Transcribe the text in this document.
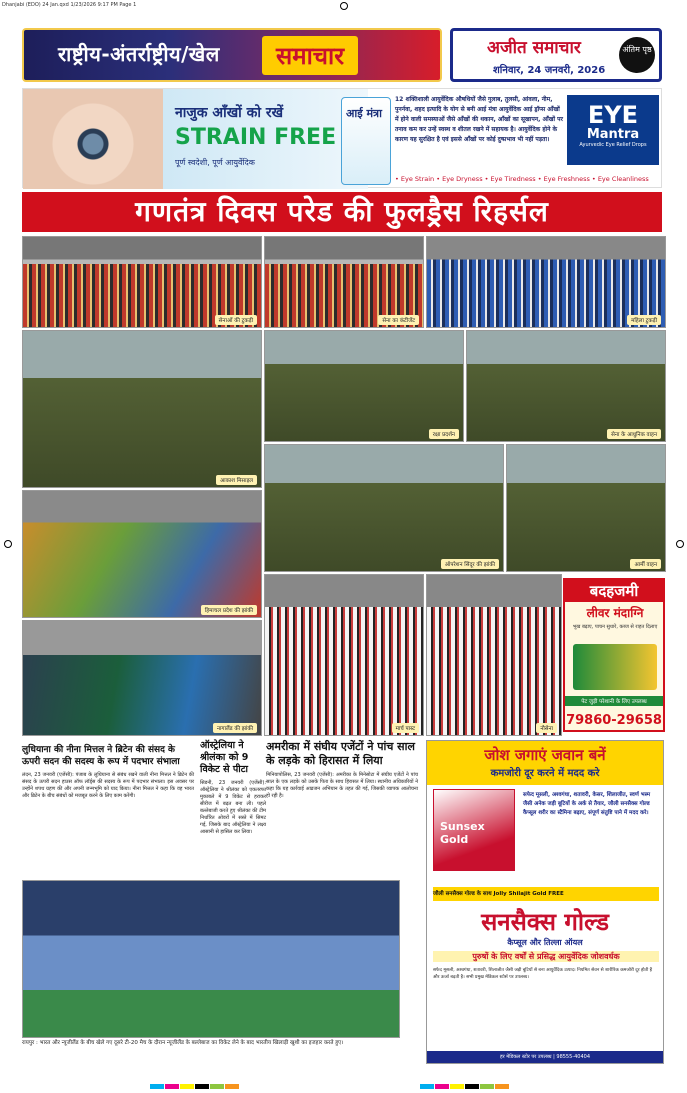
Dhanjabi (EDO) 24 Jan.qxd 1/23/2026 9:17 PM Page 1
राष्ट्रीय-अंतर्राष्ट्रीय/खेल	समाचार	अजीत समाचार
शनिवार, 24 जनवरी, 2026
अंतिम पृष्ठ
नाजुक आँखों को रखें
STRAIN FREE
पूर्ण स्वदेशी, पूर्ण आयुर्वेदिक
आई मंत्रा
12 शक्तिशाली आयुर्वेदिक औषधियों जैसे गुलाब, तुलसी, आंवला, नीम, पुनर्नवा, शहद इत्यादि के योग से बनी आई मंत्रा आयुर्वेदिक आई ड्रॉप्स आँखों में होने वाली समस्याओं जैसे आँखों की थकान, आँखों का सूखापन, आँखों पर तनाव कम कर उन्हें स्वस्थ व शीतल रखने में सहायक है। आयुर्वेदिक होने के कारण यह सुरक्षित है एवं इससे आँखों पर कोई दुष्प्रभाव भी नहीं पड़ता।
EYE
Mantra
Ayurvedic Eye Relief Drops
• Eye Strain • Eye Dryness • Eye Tiredness • Eye Freshness • Eye Cleanliness
गणतंत्र दिवस परेड की फुलड्रैस रिहर्सल
सेनाओं की टुकड़ी	सेना का कंटीजेंट	महिला टुकड़ी
आकाश मिसाइल
रक्षा प्रदर्शन	सेना के आधुनिक वाहन
हिमाचल प्रदेश की झांकी
ऑपरेशन सिंदूर की झांकी	आर्मी वाहन
नागालैंड की झांकी	मार्च पास्ट	नौसेना
बदहजमी
लीवर मंदाग्नि
भूख बढ़ाए, पाचन सुधारे, कब्ज से राहत दिलाए
पेट जुड़ी परेशानी के लिए उपलब्ध
79860-29658
लुधियाना की नीना मित्तल ने ब्रिटेन की संसद के ऊपरी सदन की सदस्य के रूप में पदभार संभाला
लंदन, 23 जनवरी (एजेंसी): पंजाब के लुधियाना से संबंध रखने वाली नीना मित्तल ने ब्रिटेन की संसद के ऊपरी सदन हाउस ऑफ लॉर्ड्स की सदस्य के रूप में पदभार संभाला। इस अवसर पर उन्होंने शपथ ग्रहण की और अपनी जन्मभूमि को याद किया। नीना मित्तल ने कहा कि वह भारत और ब्रिटेन के बीच संबंधों को मजबूत करने के लिए काम करेंगी।
ऑस्ट्रेलिया ने श्रीलंका को 9 विकेट से पीटा
सिडनी, 23 जनवरी (एजेंसी): ऑस्ट्रेलिया ने श्रीलंका को एकतरफा मुकाबले में 9 विकेट से हराकर सीरीज में बढ़त बना ली। पहले बल्लेबाजी करते हुए श्रीलंका की टीम निर्धारित ओवरों में सस्ते में सिमट गई, जिसके बाद ऑस्ट्रेलिया ने लक्ष्य आसानी से हासिल कर लिया।
अमरीका में संघीय एजेंटों ने पांच साल के लड़के को हिरासत में लिया
मिनियापोलिस, 23 जनवरी (एजेंसी): अमरीका के मिनेसोटा में संघीय एजेंटों ने पांच साल के एक लड़के को उसके पिता के साथ हिरासत में लिया। स्थानीय अधिकारियों ने कहा कि यह कार्रवाई आव्रजन अभियान के तहत की गई, जिसकी व्यापक आलोचना हो रही है।
रायपुर : भारत और न्यूजीलैंड के बीच खेले गए दूसरे टी-20 मैच के दौरान न्यूजीलैंड के बल्लेबाज का विकेट लेने के बाद भारतीय खिलाड़ी खुशी का इजहार करते हुए।
जोश जगाएं जवान बनें
कमजोरी दूर करने में मदद करे
Sunsex Gold
सफेद मूसली, अश्वगंधा, शतावरी, केसर, शिलाजीत, स्वर्ण भस्म जैसी अनेक जड़ी बूटियों के अर्क से तैयार, जौली सनसैक्स गोल्ड कैप्सूल शरीर का स्टैमिना बढ़ाए, संपूर्ण संतुष्टि पाने में मदद करे।
जौली सनसैक्स गोल्ड के साथ Jolly Shilajit Gold FREE
सनसैक्स गोल्ड
कैप्सूल और तिल्ला ऑयल
पुरुषों के लिए वर्षों से प्रसिद्ध आयुर्वेदिक जोशवर्धक
सफेद मूसली, अश्वगंधा, शतावरी, शिलाजीत जैसी जड़ी बूटियों से बना आयुर्वेदिक उत्पाद। नियमित सेवन से शारीरिक कमजोरी दूर होती है और ऊर्जा बढ़ती है। सभी प्रमुख मेडिकल स्टोर्स पर उपलब्ध।
हर मेडिकल स्टोर पर उपलब्ध | 98555-40404
